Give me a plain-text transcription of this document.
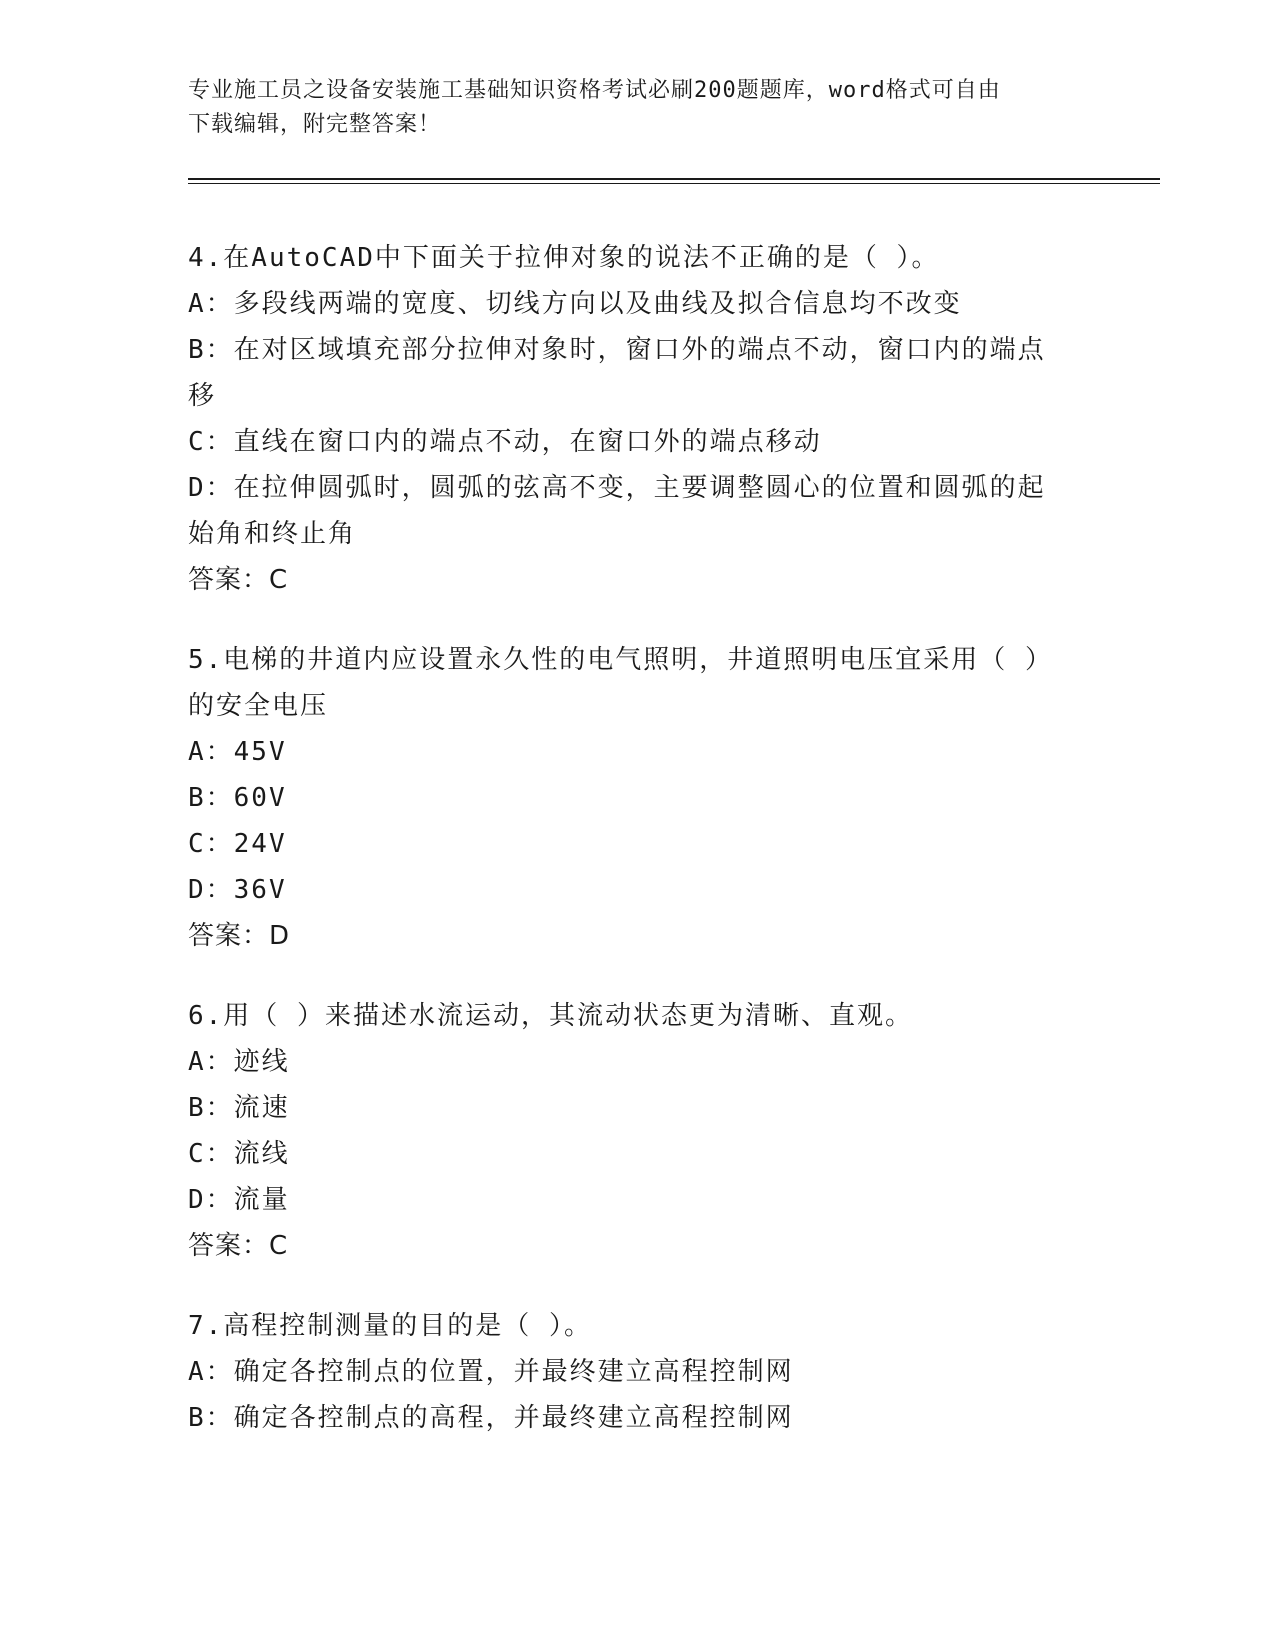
专业施工员之设备安装施工基础知识资格考试必刷200题题库，word格式可自由
下载编辑，附完整答案！
4.在AutoCAD中下面关于拉伸对象的说法不正确的是（ ）。
A：多段线两端的宽度、切线方向以及曲线及拟合信息均不改变
B：在对区域填充部分拉伸对象时，窗口外的端点不动，窗口内的端点
移
C：直线在窗口内的端点不动，在窗口外的端点移动
D：在拉伸圆弧时，圆弧的弦高不变，主要调整圆心的位置和圆弧的起
始角和终止角
答案：C
5.电梯的井道内应设置永久性的电气照明，井道照明电压宜采用（ ）
的安全电压
A：45V
B：60V
C：24V
D：36V
答案：D
6.用（ ）来描述水流运动，其流动状态更为清晰、直观。
A：迹线
B：流速
C：流线
D：流量
答案：C
7.高程控制测量的目的是（ ）。
A：确定各控制点的位置，并最终建立高程控制网
B：确定各控制点的高程，并最终建立高程控制网
